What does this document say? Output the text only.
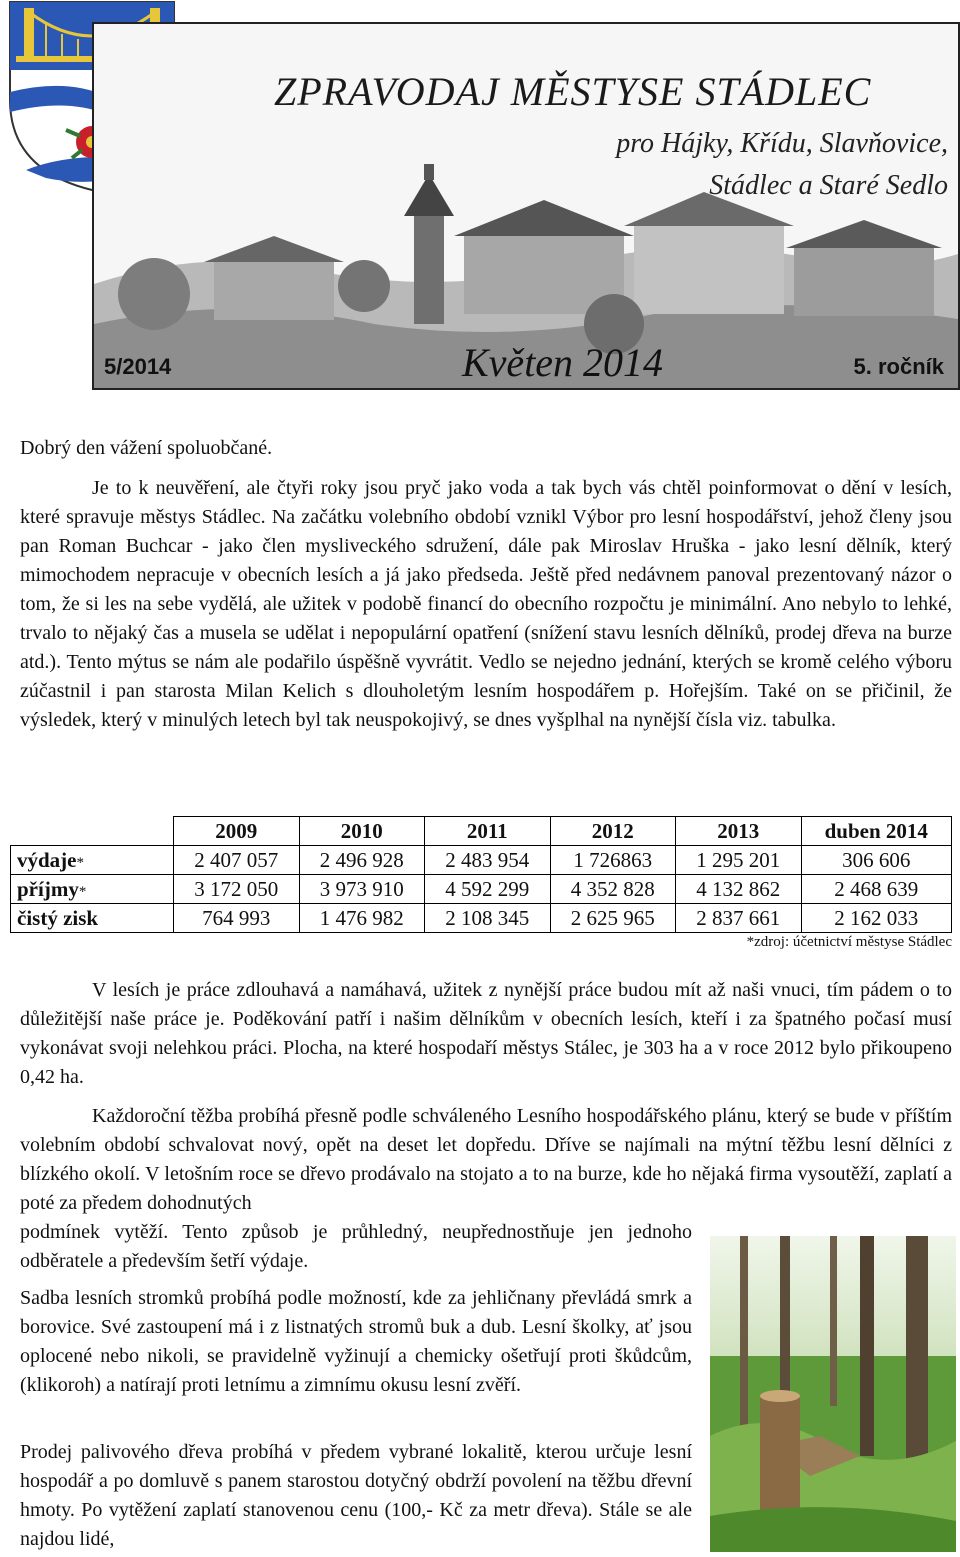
ZPRAVODAJ MĚSTYSE STÁDLEC
pro Hájky, Křídu, Slavňovice,
Stádlec a Staré Sedlo
5/2014	Květen 2014	5. ročník

Dobrý den vážení spoluobčané.

Je to k neuvěření, ale čtyři roky jsou pryč jako voda a tak bych vás chtěl poinformovat o dění v lesích, které spravuje městys Stádlec. Na začátku volebního období vznikl Výbor pro lesní hospodářství, jehož členy jsou pan Roman Buchcar - jako člen mysliveckého sdružení, dále pak Miroslav Hruška - jako lesní dělník, který mimochodem nepracuje v obecních lesích a já jako předseda. Ještě před nedávnem panoval prezentovaný názor o tom, že si les na sebe vydělá, ale užitek v podobě financí do obecního rozpočtu je minimální. Ano nebylo to lehké, trvalo to nějaký čas a musela se udělat i nepopulární opatření (snížení stavu lesních dělníků, prodej dřeva na burze atd.). Tento mýtus se nám ale podařilo úspěšně vyvrátit. Vedlo se nejedno jednání, kterých se kromě celého výboru zúčastnil i pan starosta Milan Kelich s dlouholetým lesním hospodářem p. Hořejším. Také on se přičinil, že výsledek, který v minulých letech byl tak neuspokojivý, se dnes vyšplhal na nynější čísla viz. tabulka.

	2009	2010	2011	2012	2013	duben 2014
výdaje*	2 407 057	2 496 928	2 483 954	1 726863	1 295 201	306 606
příjmy*	3 172 050	3 973 910	4 592 299	4 352 828	4 132 862	2 468 639
čistý zisk	764 993	1 476 982	2 108 345	2 625 965	2 837 661	2 162 033
*zdroj: účetnictví městyse Stádlec

V lesích je práce zdlouhavá a namáhavá, užitek z nynější práce budou mít až naši vnuci, tím pádem o to důležitější naše práce je. Poděkování patří i našim dělníkům v obecních lesích, kteří i za špatného počasí musí vykonávat svoji nelehkou práci. Plocha, na které hospodaří městys Stálec, je 303 ha a v roce 2012 bylo přikoupeno 0,42 ha.

Každoroční těžba probíhá přesně podle schváleného Lesního hospodářského plánu, který se bude v příštím volebním období schvalovat nový, opět na deset let dopředu. Dříve se najímali na mýtní těžbu lesní dělníci z blízkého okolí. V letošním roce se dřevo prodávalo na stojato a to na burze, kde ho nějaká firma vysoutěží, zaplatí a poté za předem dohodnutých

podmínek vytěží. Tento způsob je průhledný, neupřednostňuje jen jednoho odběratele a především šetří výdaje.

Sadba lesních stromků probíhá podle možností, kde za jehličnany převládá smrk a borovice. Své zastoupení má i z listnatých stromů buk a dub. Lesní školky, ať jsou oplocené nebo nikoli, se pravidelně vyžinují a chemicky ošetřují proti škůdcům, (klikoroh) a natírají proti letnímu a zimnímu okusu lesní zvěří.

Prodej palivového dřeva probíhá v předem vybrané lokalitě, kterou určuje lesní hospodář a po domluvě s panem starostou dotyčný obdrží povolení na těžbu dřevní hmoty. Po vytěžení zaplatí stanovenou cenu (100,- Kč za metr dřeva). Stále se ale najdou lidé,
